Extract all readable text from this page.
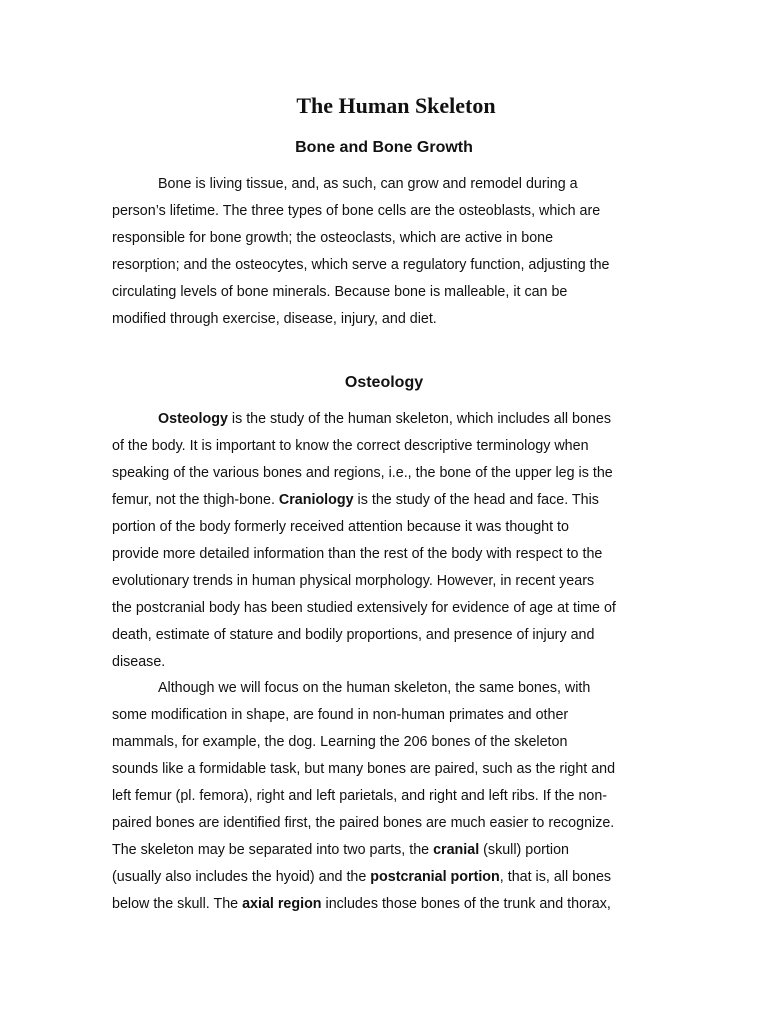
The Human Skeleton
Bone and Bone Growth

Bone is living tissue, and, as such, can grow and remodel during a
person’s lifetime. The three types of bone cells are the osteoblasts, which are
responsible for bone growth; the osteoclasts, which are active in bone
resorption; and the osteocytes, which serve a regulatory function, adjusting the
circulating levels of bone minerals. Because bone is malleable, it can be
modified through exercise, disease, injury, and diet.

Osteology

Osteology is the study of the human skeleton, which includes all bones
of the body. It is important to know the correct descriptive terminology when
speaking of the various bones and regions, i.e., the bone of the upper leg is the
femur, not the thigh-bone. Craniology is the study of the head and face. This
portion of the body formerly received attention because it was thought to
provide more detailed information than the rest of the body with respect to the
evolutionary trends in human physical morphology. However, in recent years
the postcranial body has been studied extensively for evidence of age at time of
death, estimate of stature and bodily proportions, and presence of injury and
disease.

Although we will focus on the human skeleton, the same bones, with
some modification in shape, are found in non-human primates and other
mammals, for example, the dog. Learning the 206 bones of the skeleton
sounds like a formidable task, but many bones are paired, such as the right and
left femur (pl. femora), right and left parietals, and right and left ribs. If the non-
paired bones are identified first, the paired bones are much easier to recognize.
The skeleton may be separated into two parts, the cranial (skull) portion
(usually also includes the hyoid) and the postcranial portion, that is, all bones
below the skull. The axial region includes those bones of the trunk and thorax,
